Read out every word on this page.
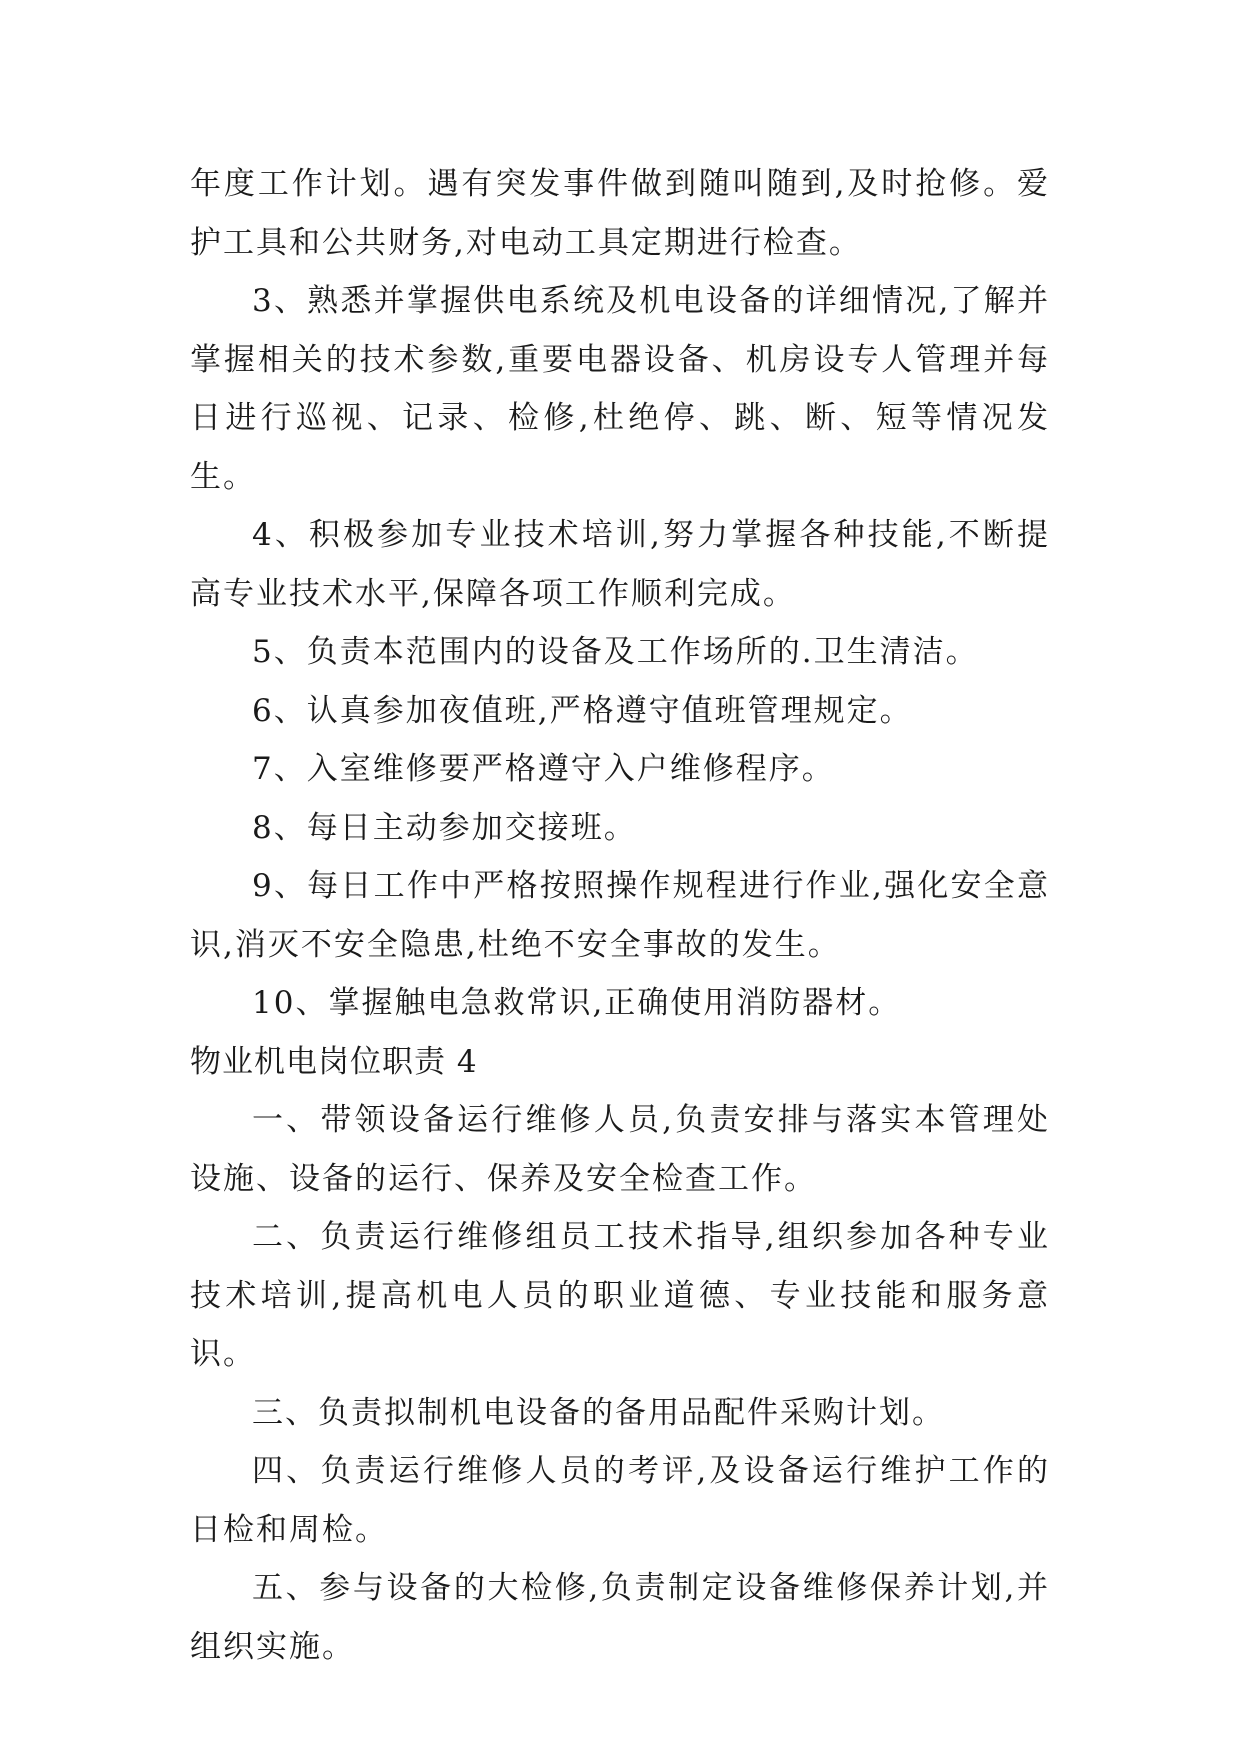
年度工作计划。遇有突发事件做到随叫随到,及时抢修。爱护工具和公共财务,对电动工具定期进行检查。

3、熟悉并掌握供电系统及机电设备的详细情况,了解并掌握相关的技术参数,重要电器设备、机房设专人管理并每日进行巡视、记录、检修,杜绝停、跳、断、短等情况发生。

4、积极参加专业技术培训,努力掌握各种技能,不断提高专业技术水平,保障各项工作顺利完成。

5、负责本范围内的设备及工作场所的.卫生清洁。

6、认真参加夜值班,严格遵守值班管理规定。

7、入室维修要严格遵守入户维修程序。

8、每日主动参加交接班。

9、每日工作中严格按照操作规程进行作业,强化安全意识,消灭不安全隐患,杜绝不安全事故的发生。

10、掌握触电急救常识,正确使用消防器材。

物业机电岗位职责 4

一、带领设备运行维修人员,负责安排与落实本管理处设施、设备的运行、保养及安全检查工作。

二、负责运行维修组员工技术指导,组织参加各种专业技术培训,提高机电人员的职业道德、专业技能和服务意识。

三、负责拟制机电设备的备用品配件采购计划。

四、负责运行维修人员的考评,及设备运行维护工作的日检和周检。

五、参与设备的大检修,负责制定设备维修保养计划,并组织实施。
